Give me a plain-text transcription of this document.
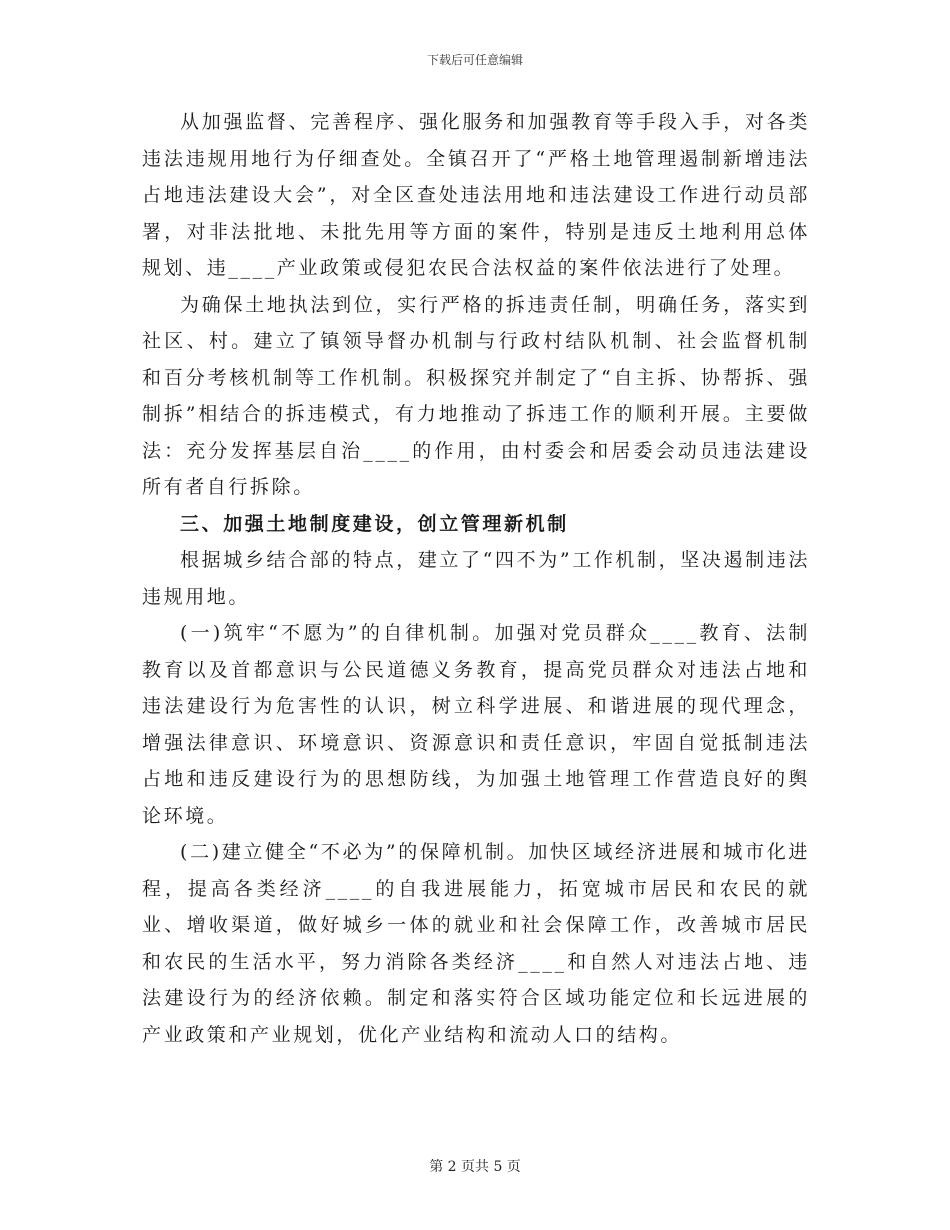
下载后可任意编辑

从加强监督、完善程序、强化服务和加强教育等手段入手，对各类违法违规用地行为仔细查处。全镇召开了“严格土地管理遏制新增违法占地违法建设大会”，对全区查处违法用地和违法建设工作进行动员部署，对非法批地、未批先用等方面的案件，特别是违反土地利用总体规划、违____产业政策或侵犯农民合法权益的案件依法进行了处理。

为确保土地执法到位，实行严格的拆违责任制，明确任务，落实到社区、村。建立了镇领导督办机制与行政村结队机制、社会监督机制和百分考核机制等工作机制。积极探究并制定了“自主拆、协帮拆、强制拆”相结合的拆违模式，有力地推动了拆违工作的顺利开展。主要做法：充分发挥基层自治____的作用，由村委会和居委会动员违法建设所有者自行拆除。

三、加强土地制度建设，创立管理新机制

根据城乡结合部的特点，建立了“四不为”工作机制，坚决遏制违法违规用地。

(一)筑牢“不愿为”的自律机制。加强对党员群众____教育、法制教育以及首都意识与公民道德义务教育，提高党员群众对违法占地和违法建设行为危害性的认识，树立科学进展、和谐进展的现代理念，增强法律意识、环境意识、资源意识和责任意识，牢固自觉抵制违法占地和违反建设行为的思想防线，为加强土地管理工作营造良好的舆论环境。

(二)建立健全“不必为”的保障机制。加快区域经济进展和城市化进程，提高各类经济____的自我进展能力，拓宽城市居民和农民的就业、增收渠道，做好城乡一体的就业和社会保障工作，改善城市居民和农民的生活水平，努力消除各类经济____和自然人对违法占地、违法建设行为的经济依赖。制定和落实符合区域功能定位和长远进展的产业政策和产业规划，优化产业结构和流动人口的结构。

第 2 页共 5 页
